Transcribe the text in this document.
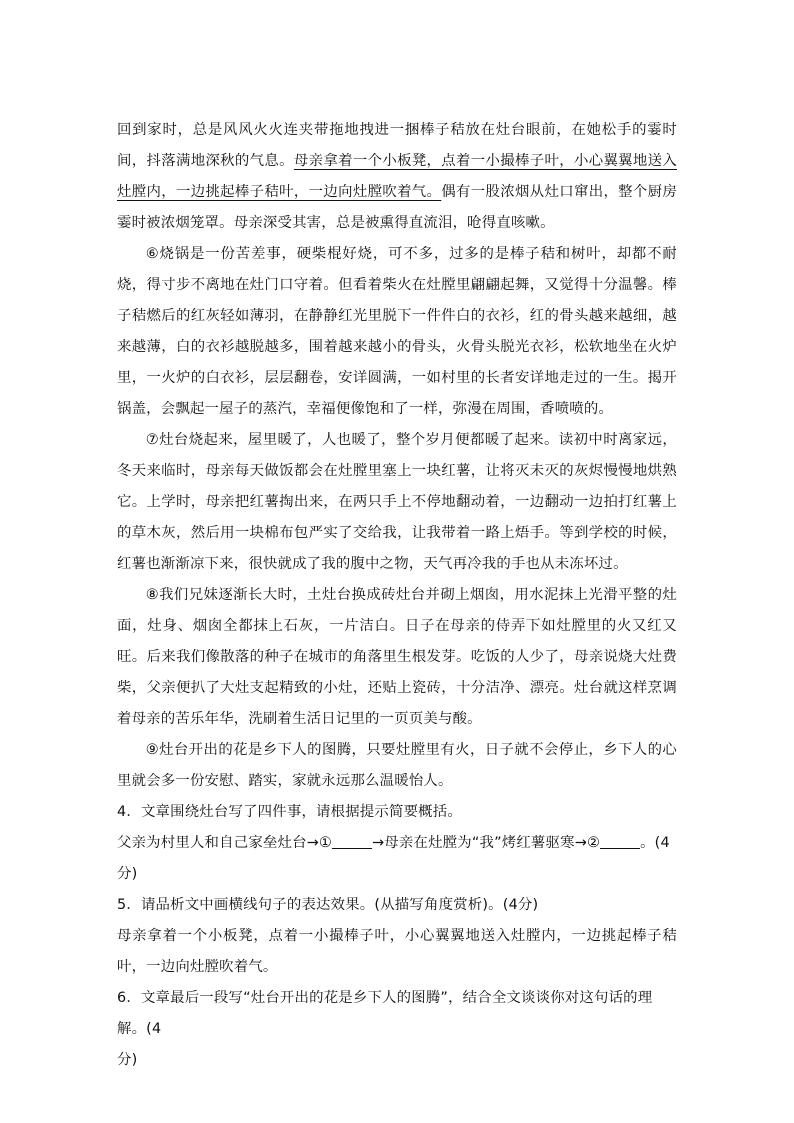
回到家时，总是风风火火连夹带拖地拽进一捆棒子秸放在灶台眼前，在她松手的霎时间，抖落满地深秋的气息。母亲拿着一个小板凳，点着一小撮棒子叶，小心翼翼地送入灶膛内，一边挑起棒子秸叶，一边向灶膛吹着气。偶有一股浓烟从灶口窜出，整个厨房霎时被浓烟笼罩。母亲深受其害，总是被熏得直流泪，呛得直咳嗽。

⑥烧锅是一份苦差事，硬柴棍好烧，可不多，过多的是棒子秸和树叶，却都不耐烧，得寸步不离地在灶门口守着。但看着柴火在灶膛里翩翩起舞，又觉得十分温馨。棒子秸燃后的红灰轻如薄羽，在静静红光里脱下一件件白的衣衫，红的骨头越来越细，越来越薄，白的衣衫越脱越多，围着越来越小的骨头，火骨头脱光衣衫，松软地坐在火炉里，一火炉的白衣衫，层层翻卷，安详圆满，一如村里的长者安详地走过的一生。揭开锅盖，会飘起一屋子的蒸汽，幸福便像饱和了一样，弥漫在周围，香喷喷的。

⑦灶台烧起来，屋里暖了，人也暖了，整个岁月便都暖了起来。读初中时离家远，冬天来临时，母亲每天做饭都会在灶膛里塞上一块红薯，让将灭未灭的灰烬慢慢地烘熟它。上学时，母亲把红薯掏出来，在两只手上不停地翻动着，一边翻动一边拍打红薯上的草木灰，然后用一块棉布包严实了交给我，让我带着一路上焐手。等到学校的时候，红薯也渐渐凉下来，很快就成了我的腹中之物，天气再冷我的手也从未冻坏过。

⑧我们兄妹逐渐长大时，土灶台换成砖灶台并砌上烟囱，用水泥抹上光滑平整的灶面，灶身、烟囱全都抹上石灰，一片洁白。日子在母亲的侍弄下如灶膛里的火又红又旺。后来我们像散落的种子在城市的角落里生根发芽。吃饭的人少了，母亲说烧大灶费柴，父亲便扒了大灶支起精致的小灶，还贴上瓷砖，十分洁净、漂亮。灶台就这样烹调着母亲的苦乐年华，洗刷着生活日记里的一页页美与酸。

⑨灶台开出的花是乡下人的图腾，只要灶膛里有火，日子就不会停止，乡下人的心里就会多一份安慰、踏实，家就永远那么温暖怡人。

4．文章围绕灶台写了四件事，请根据提示简要概括。

父亲为村里人和自己家垒灶台→①	→母亲在灶膛为“我”烤红薯驱寒→②	。(4

分)

5．请品析文中画横线句子的表达效果。(从描写角度赏析)。(4分)

母亲拿着一个小板凳，点着一小撮棒子叶，小心翼翼地送入灶膛内，一边挑起棒子秸叶，一边向灶膛吹着气。

6．文章最后一段写“灶台开出的花是乡下人的图腾”，结合全文谈谈你对这句话的理解。(4

分)
